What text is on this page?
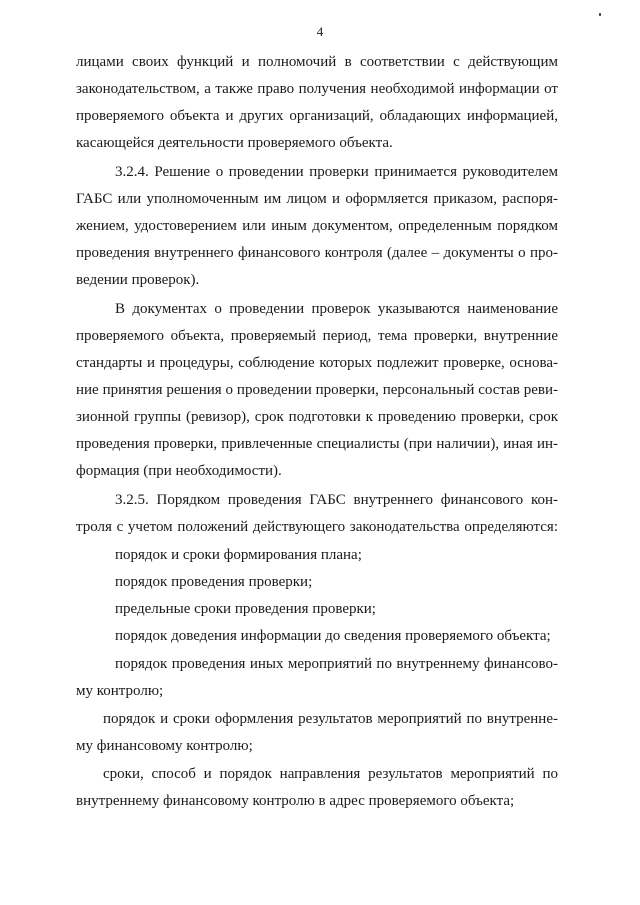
4
лицами своих функций и полномочий в соответствии с действующим
законодательством, а также право получения необходимой информации от
проверяемого объекта и других организаций, обладающих информацией,
касающейся деятельности проверяемого объекта.
3.2.4. Решение о проведении проверки принимается руководителем
ГАБС или уполномоченным им лицом и оформляется приказом, распоря-
жением, удостоверением или иным документом, определенным порядком
проведения внутреннего финансового контроля (далее – документы о про-
ведении проверок).
В документах о проведении проверок указываются наименование
проверяемого объекта, проверяемый период, тема проверки, внутренние
стандарты и процедуры, соблюдение которых подлежит проверке, основа-
ние принятия решения о проведении проверки, персональный состав реви-
зионной группы (ревизор), срок подготовки к проведению проверки, срок
проведения проверки, привлеченные специалисты (при наличии), иная ин-
формация (при необходимости).
3.2.5. Порядком проведения ГАБС внутреннего финансового кон-
троля с учетом положений действующего законодательства определяются:
порядок и сроки формирования плана;
порядок проведения проверки;
предельные сроки проведения проверки;
порядок доведения информации до сведения проверяемого объекта;
порядок проведения иных мероприятий по внутреннему финансово-
му контролю;
порядок и сроки оформления результатов мероприятий по внутренне-
му финансовому контролю;
сроки, способ и порядок направления результатов мероприятий по
внутреннему финансовому контролю в адрес проверяемого объекта;
